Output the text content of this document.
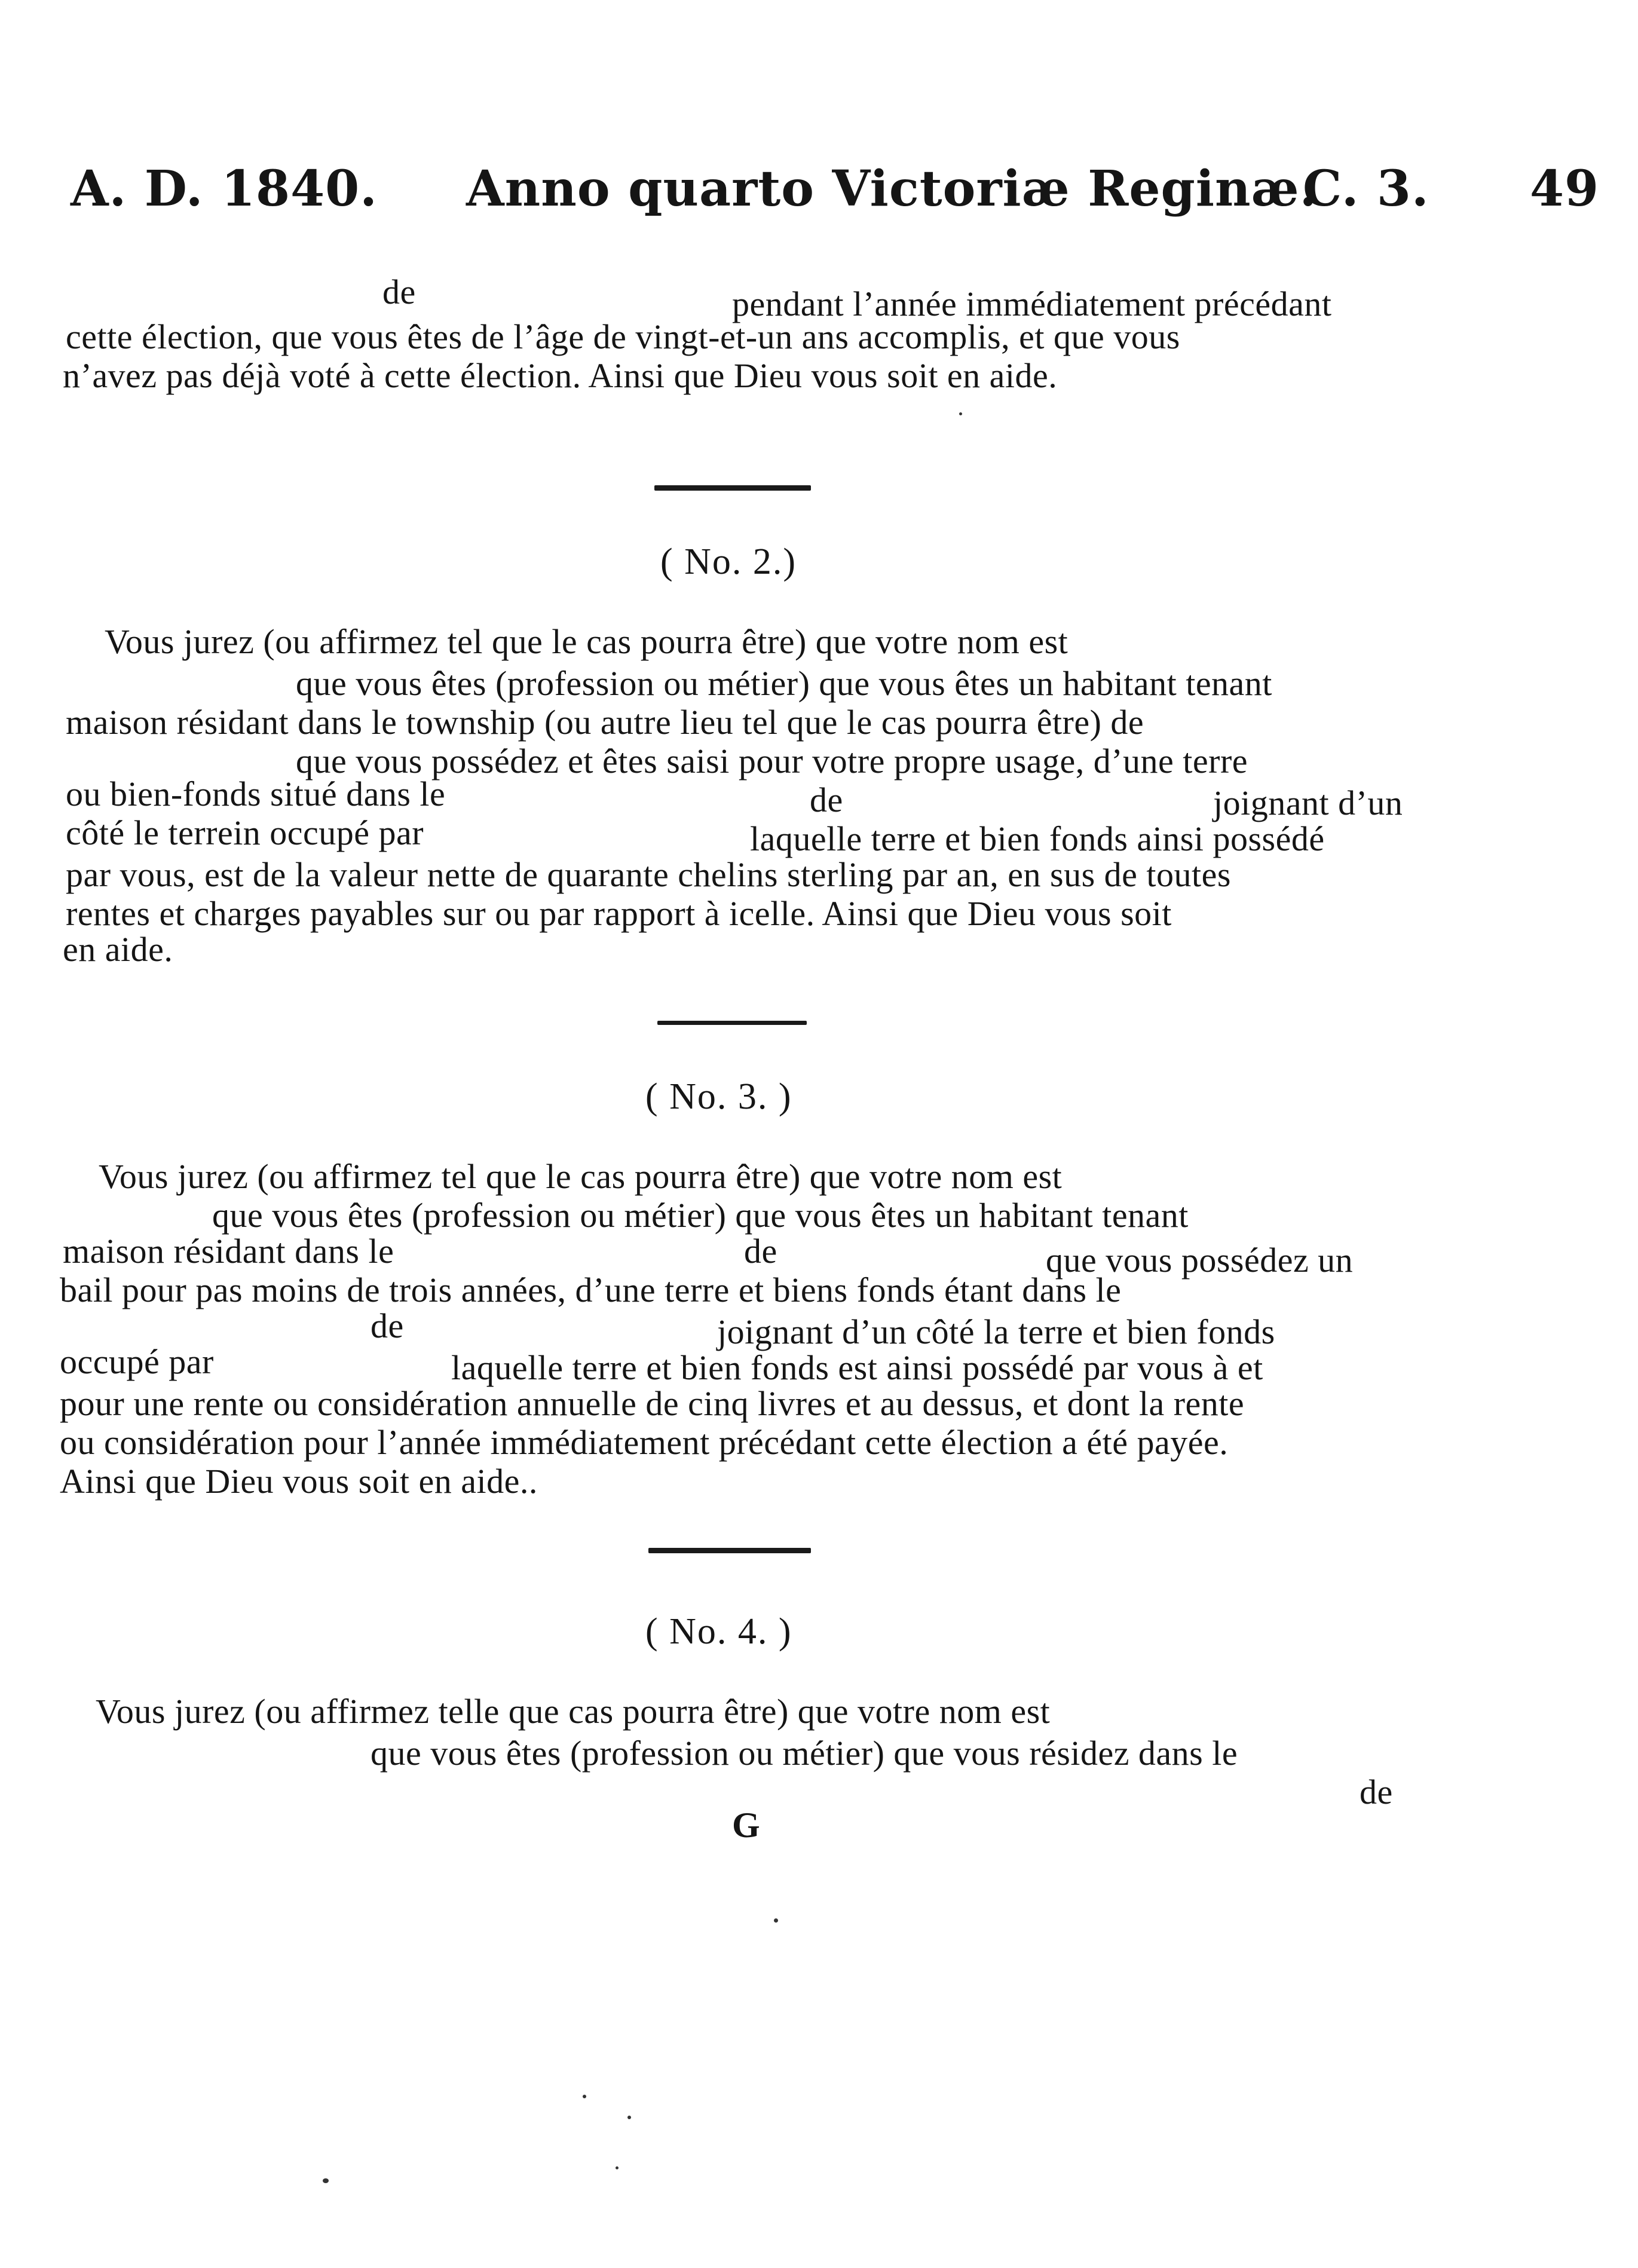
A. D. 1840. Anno quarto Victoriæ Reginæ.
C. 3. 49
de	pendant l’année immédiatement précédant
cette élection, que vous êtes de l’âge de vingt-et-un ans accomplis, et que vous
n’avez pas déjà voté à cette élection. Ainsi que Dieu vous soit en aide.
( No. 2.)
Vous jurez (ou affirmez tel que le cas pourra être) que votre nom est
que vous êtes (profession ou métier) que vous êtes un habitant tenant
maison résidant dans le township (ou autre lieu tel que le cas pourra être) de
que vous possédez et êtes saisi pour votre propre usage, d’une terre
ou bien-fonds situé dans le	de	joignant d’un
côté le terrein occupé par	laquelle terre et bien fonds ainsi possédé
par vous, est de la valeur nette de quarante chelins sterling par an, en sus de toutes
rentes et charges payables sur ou par rapport à icelle. Ainsi que Dieu vous soit
en aide.
( No. 3. )
Vous jurez (ou affirmez tel que le cas pourra être) que votre nom est
que vous êtes (profession ou métier) que vous êtes un habitant tenant
maison résidant dans le	de	que vous possédez un
bail pour pas moins de trois années, d’une terre et biens fonds étant dans le
de	joignant d’un côté la terre et bien fonds
occupé par	laquelle terre et bien fonds est ainsi possédé par vous à et
pour une rente ou considération annuelle de cinq livres et au dessus, et dont la rente
ou considération pour l’année immédiatement précédant cette élection a été payée.
Ainsi que Dieu vous soit en aide..
( No. 4. )
Vous jurez (ou affirmez telle que cas pourra être) que votre nom est
que vous êtes (profession ou métier) que vous résidez dans le
de
G
